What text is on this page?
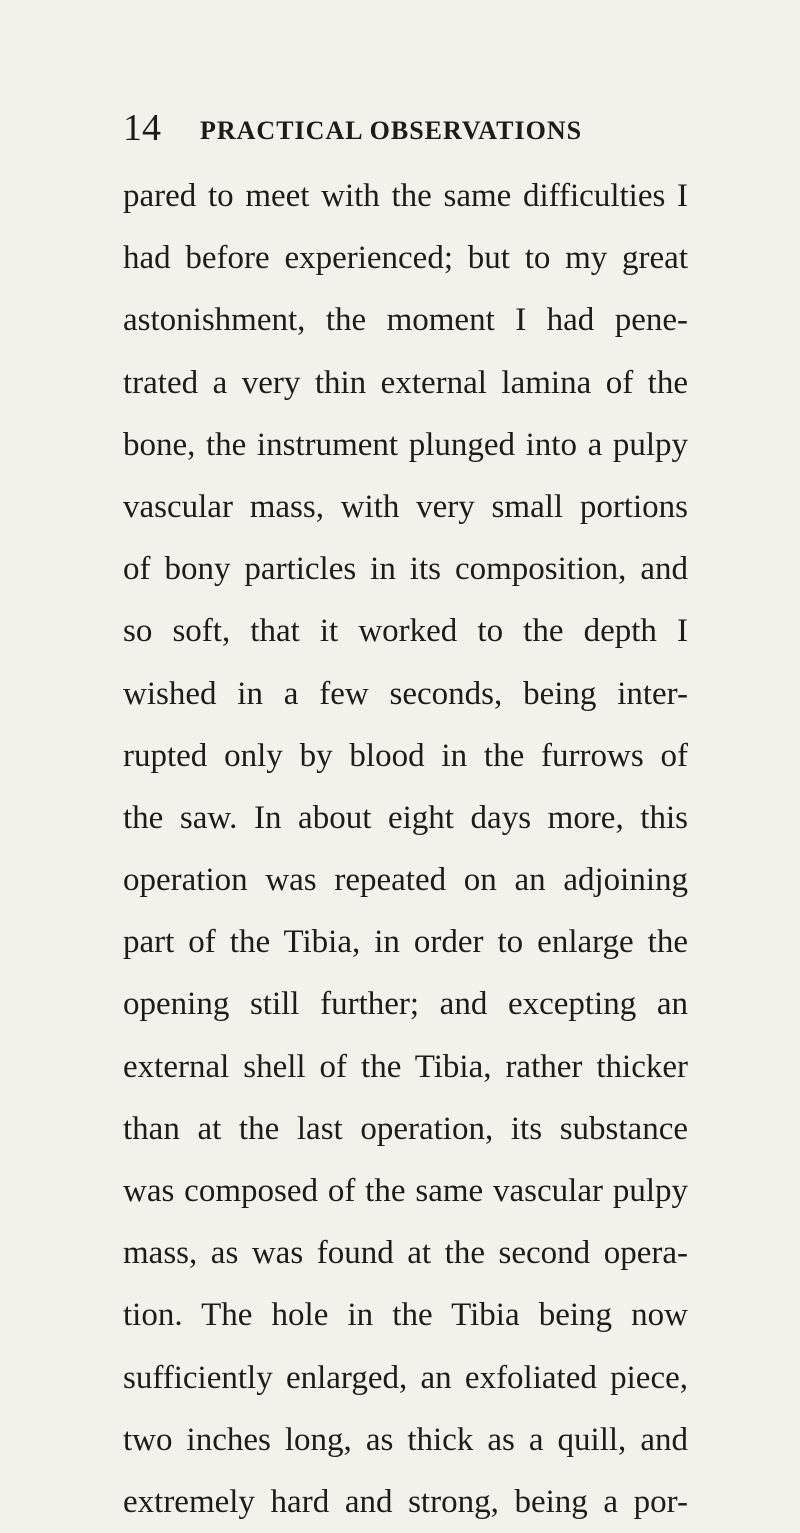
14 PRACTICAL OBSERVATIONS
pared to meet with the same difficulties I
had before experienced; but to my great
astonishment, the moment I had pene-
trated a very thin external lamina of the
bone, the instrument plunged into a pulpy
vascular mass, with very small portions
of bony particles in its composition, and
so soft, that it worked to the depth I
wished in a few seconds, being inter-
rupted only by blood in the furrows of
the saw. In about eight days more, this
operation was repeated on an adjoining
part of the Tibia, in order to enlarge the
opening still further; and excepting an
external shell of the Tibia, rather thicker
than at the last operation, its substance
was composed of the same vascular pulpy
mass, as was found at the second opera-
tion. The hole in the Tibia being now
sufficiently enlarged, an exfoliated piece,
two inches long, as thick as a quill, and
extremely hard and strong, being a por-
